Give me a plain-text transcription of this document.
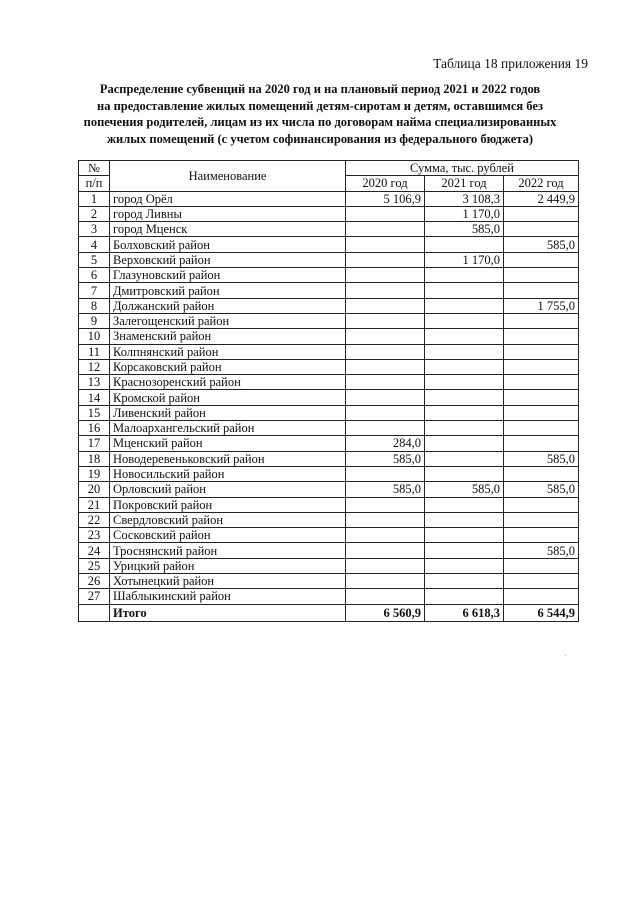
Таблица 18 приложения 19
Распределение субвенций на 2020 год и на плановый период 2021 и 2022 годов
на предоставление жилых помещений детям-сиротам и детям, оставшимся без
попечения родителей, лицам из их числа по договорам найма специализированных
жилых помещений (с учетом софинансирования из федерального бюджета)
№	Наименование	Сумма, тыс. рублей		
п/п		2020 год	2021 год	2022 год
1	город Орёл	5 106,9	3 108,3	2 449,9
2	город Ливны		1 170,0	
3	город Мценск		585,0	
4	Болховский район			585,0
5	Верховский район		1 170,0	
6	Глазуновский район			
7	Дмитровский район			
8	Должанский район			1 755,0
9	Залегощенский район			
10	Знаменский район			
11	Колпнянский район			
12	Корсаковский район			
13	Краснозоренский район			
14	Кромской район			
15	Ливенский район			
16	Малоархангельский район			
17	Мценский район	284,0		
18	Новодеревеньковский район	585,0		585,0
19	Новосильский район			
20	Орловский район	585,0	585,0	585,0
21	Покровский район			
22	Свердловский район			
23	Сосковский район			
24	Троснянский район			585,0
25	Урицкий район			
26	Хотынецкий район			
27	Шаблыкинский район			
	Итого	6 560,9	6 618,3	6 544,9
